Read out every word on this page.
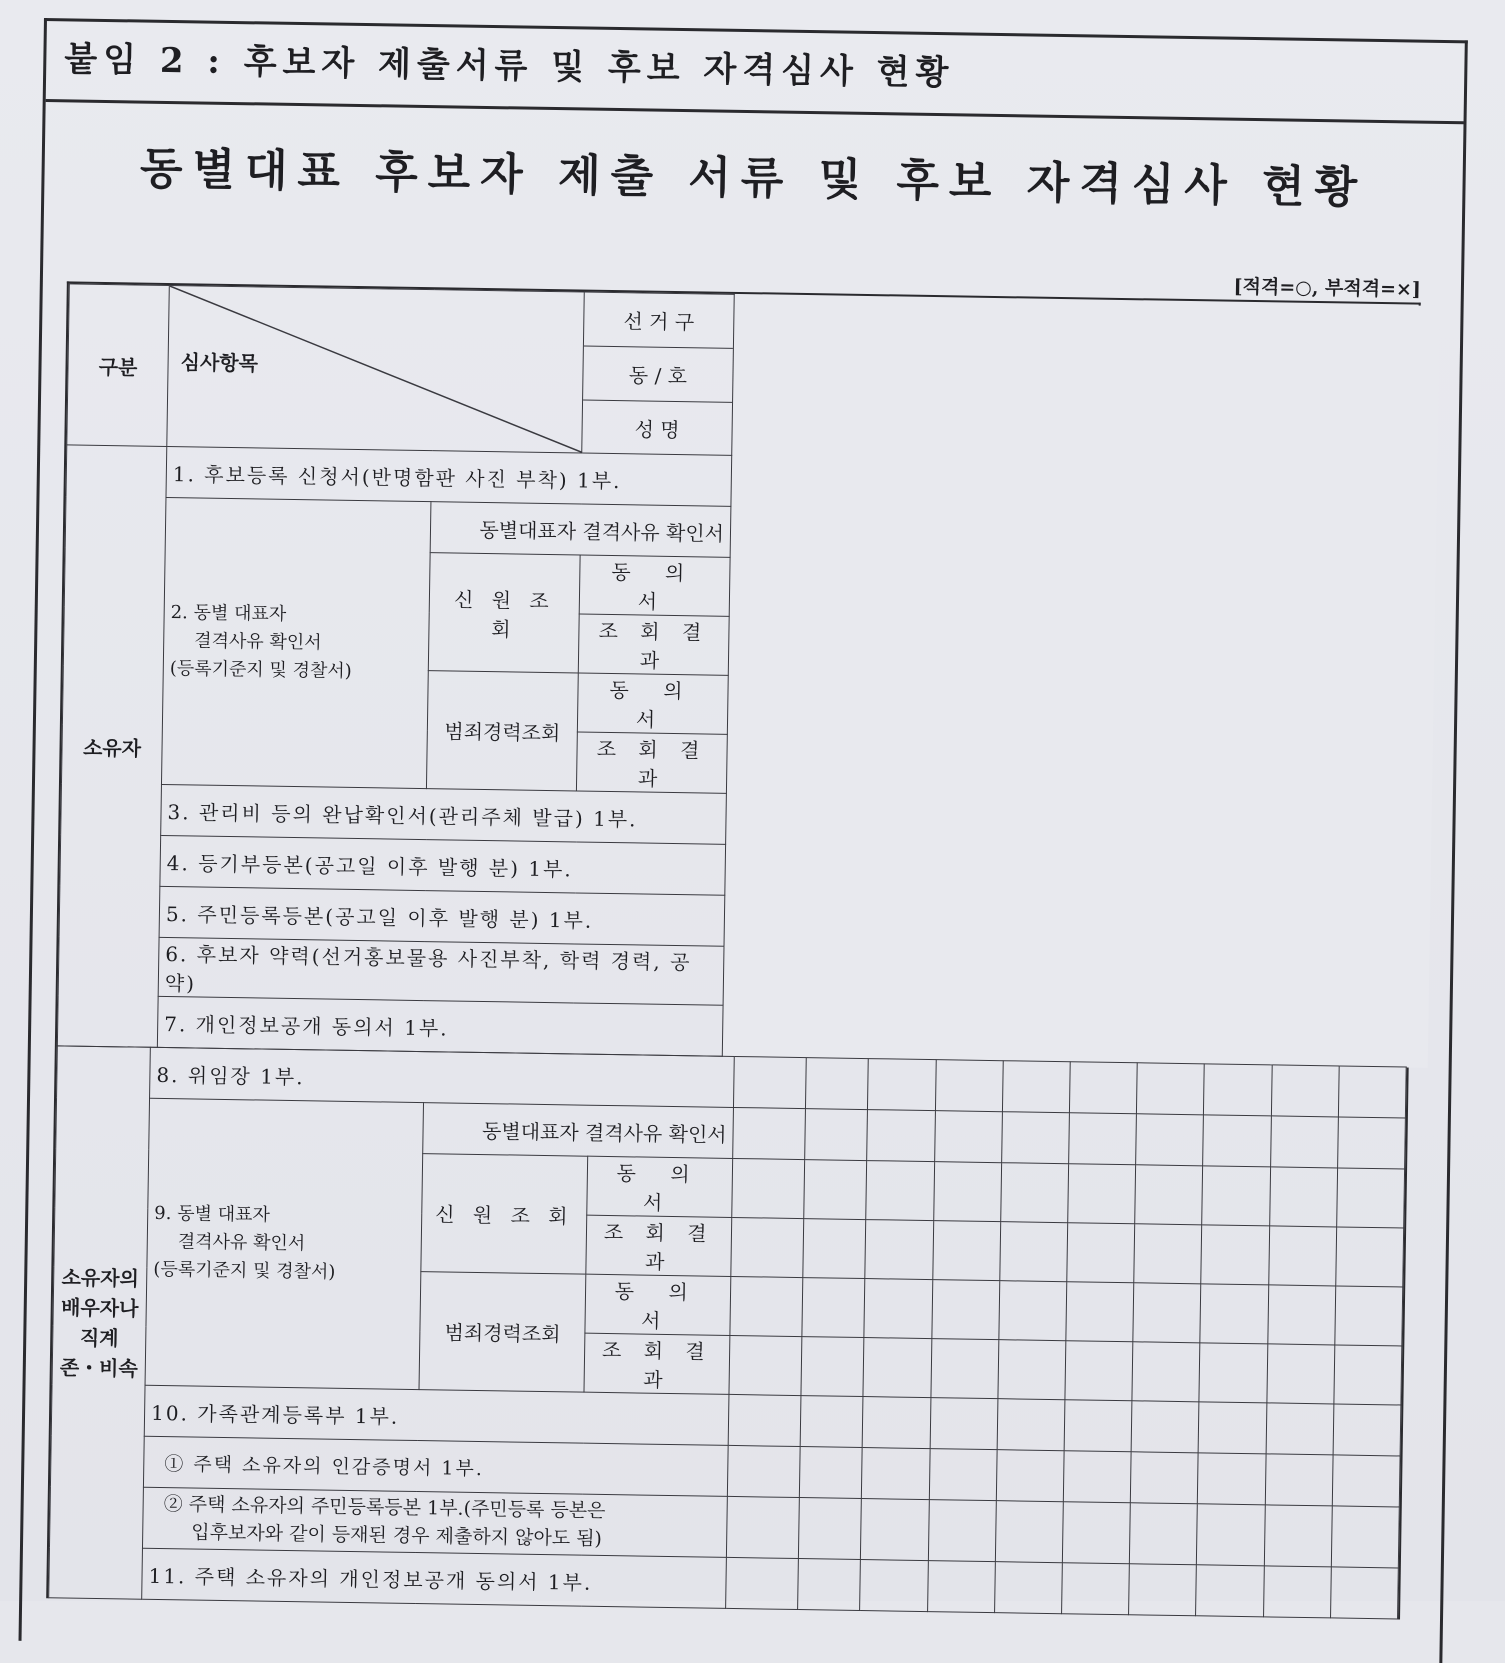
붙임 2 : 후보자 제출서류 및 후보 자격심사 현황
동별대표 후보자 제출 서류 및 후보 자격심사 현황
[적격=○, 부적격=×]
구분	심사항목		선 거 구
동 / 호
성 명	

소유자	1. 후보등록 신청서(반명함판 사진 부착) 1부.			

	2. 동별 대표자
결격사유 확인서
(등록기준지 및 경찰서)	동별대표자 결격사유 확인서		
		신 원 조 회	동 의 서	
			조 회 결 과	
		범죄경력조회	동 의 서	
			조 회 결 과	
	3. 관리비 등의 완납확인서(관리주체 발급) 1부.			
	4. 등기부등본(공고일 이후 발행 분) 1부.			
	5. 주민등록등본(공고일 이후 발행 분) 1부.			
	6. 후보자 약력(선거홍보물용 사진부착, 학력 경력, 공약)			
	7. 개인정보공개 동의서 1부.			
소유자의
배우자나
직계
존・비속	8. 위임장 1부.												

	9. 동별 대표자
결격사유 확인서
(등록기준지 및 경찰서)	동별대표자 결격사유 확인서											
		신 원 조 회	동 의 서										
			조 회 결 과										
		범죄경력조회	동 의 서										
			조 회 결 과										
	10. 가족관계등록부 1부.												
	① 주택 소유자의 인감증명서 1부.												

	② 주택 소유자의 주민등록등본 1부.(주민등록 등본은
입후보자와 같이 등재된 경우 제출하지 않아도 됨)												

	11. 주택 소유자의 개인정보공개 동의서 1부.												
